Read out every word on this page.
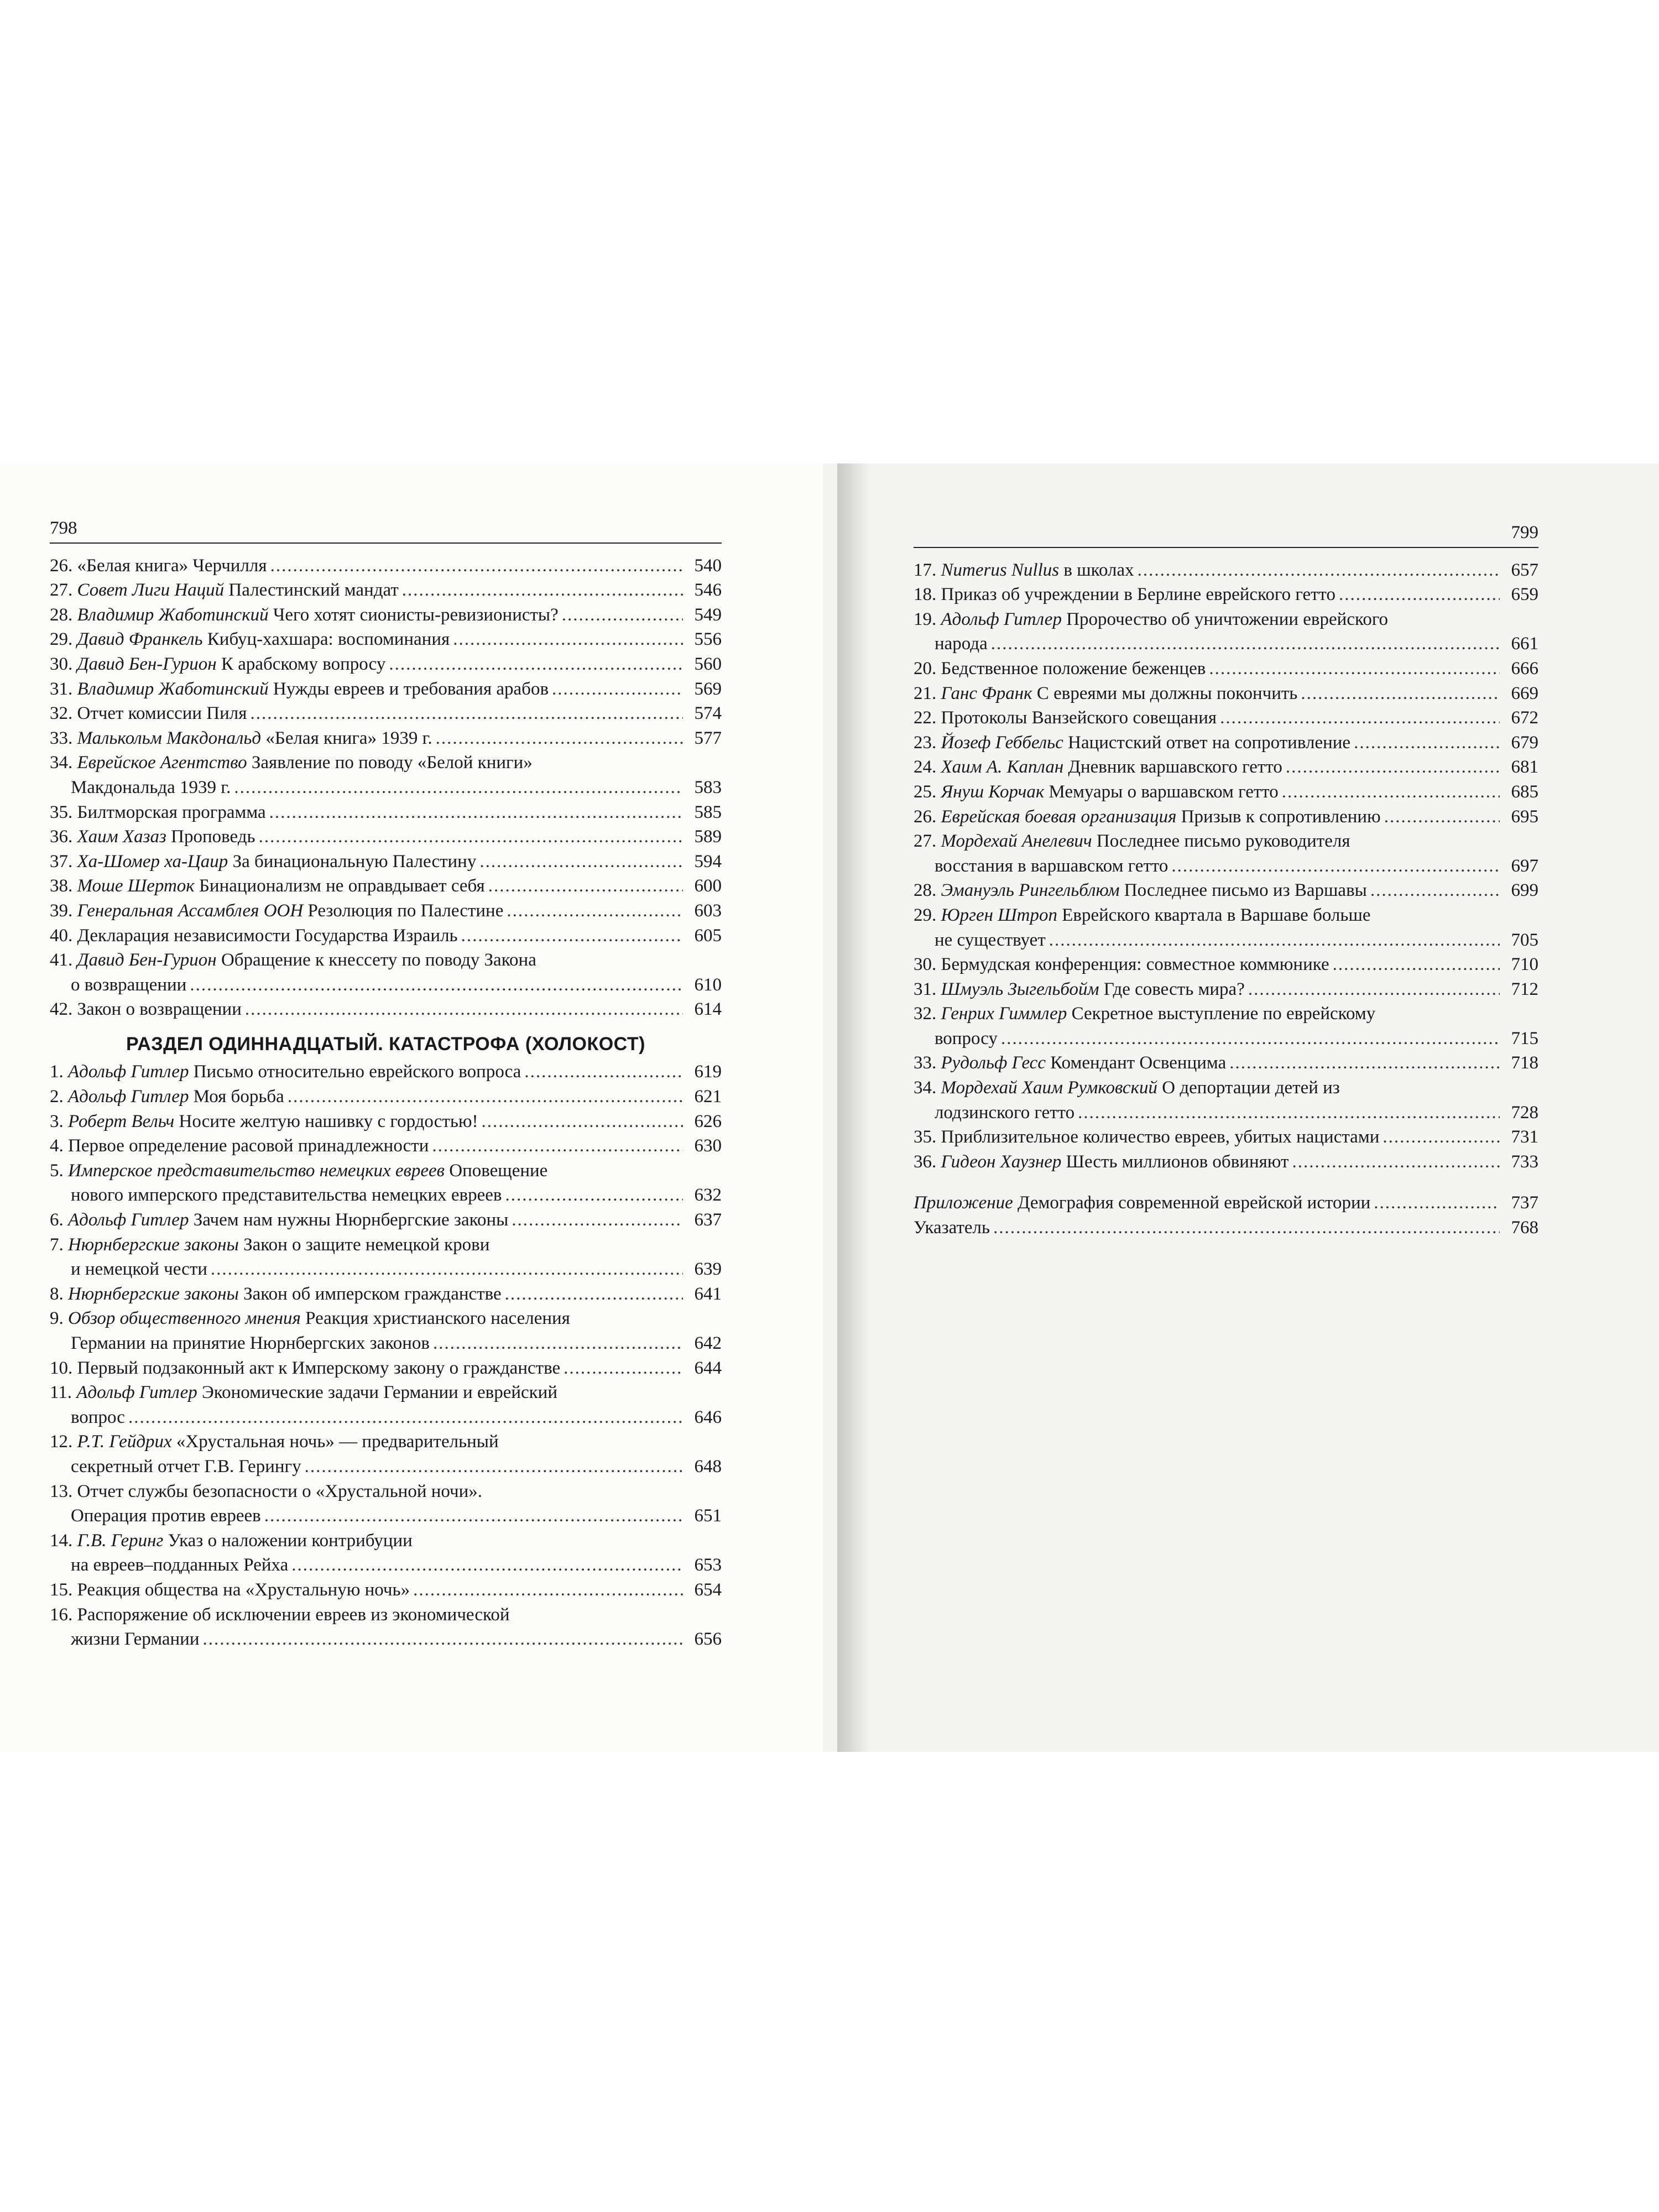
798
26. «Белая книга» Черчилля .....	540
27. Совет Лиги Наций Палестинский мандат .....	546
28. Владимир Жаботинский Чего хотят сионисты-ревизионисты? .....	549
29. Давид Франкель Кибуц-хахшара: воспоминания .....	556
30. Давид Бен-Гурион К арабскому вопросу .....	560
31. Владимир Жаботинский Нужды евреев и требования арабов .....	569
32. Отчет комиссии Пиля .....	574
33. Малькольм Макдональд «Белая книга» 1939 г. .....	577
34. Еврейское Агентство Заявление по поводу «Белой книги»
Макдональда 1939 г. .....	583
35. Билтморская программа .....	585
36. Хаим Хазаз Проповедь .....	589
37. Ха-Шомер ха-Цаир За бинациональную Палестину .....	594
38. Моше Шерток Бинационализм не оправдывает себя .....	600
39. Генеральная Ассамблея ООН Резолюция по Палестине .....	603
40. Декларация независимости Государства Израиль .....	605
41. Давид Бен-Гурион Обращение к кнессету по поводу Закона
о возвращении .....	610
42. Закон о возвращении .....	614
РАЗДЕЛ ОДИННАДЦАТЫЙ. КАТАСТРОФА (ХОЛОКОСТ)
1. Адольф Гитлер Письмо относительно еврейского вопроса .....	619
2. Адольф Гитлер Моя борьба .....	621
3. Роберт Вельч Носите желтую нашивку с гордостью! .....	626
4. Первое определение расовой принадлежности .....	630
5. Имперское представительство немецких евреев Оповещение
нового имперского представительства немецких евреев .....	632
6. Адольф Гитлер Зачем нам нужны Нюрнбергские законы .....	637
7. Нюрнбергские законы Закон о защите немецкой крови
и немецкой чести .....	639
8. Нюрнбергские законы Закон об имперском гражданстве .....	641
9. Обзор общественного мнения Реакция христианского населения
Германии на принятие Нюрнбергских законов .....	642
10. Первый подзаконный акт к Имперскому закону о гражданстве .....	644
11. Адольф Гитлер Экономические задачи Германии и еврейский
вопрос .....	646
12. Р.Т. Гейдрих «Хрустальная ночь» — предварительный
секретный отчет Г.В. Герингу .....	648
13. Отчет службы безопасности о «Хрустальной ночи».
Операция против евреев .....	651
14. Г.В. Геринг Указ о наложении контрибуции
на евреев–подданных Рейха .....	653
15. Реакция общества на «Хрустальную ночь» .....	654
16. Распоряжение об исключении евреев из экономической
жизни Германии .....	656
799
17. Numerus Nullus в школах .....	657
18. Приказ об учреждении в Берлине еврейского гетто .....	659
19. Адольф Гитлер Пророчество об уничтожении еврейского
народа .....	661
20. Бедственное положение беженцев .....	666
21. Ганс Франк С евреями мы должны покончить .....	669
22. Протоколы Ванзейского совещания .....	672
23. Йозеф Геббельс Нацистский ответ на сопротивление .....	679
24. Хаим А. Каплан Дневник варшавского гетто .....	681
25. Януш Корчак Мемуары о варшавском гетто .....	685
26. Еврейская боевая организация Призыв к сопротивлению .....	695
27. Мордехай Анелевич Последнее письмо руководителя
восстания в варшавском гетто .....	697
28. Эмануэль Рингельблюм Последнее письмо из Варшавы .....	699
29. Юрген Штроп Еврейского квартала в Варшаве больше
не существует .....	705
30. Бермудская конференция: совместное коммюнике .....	710
31. Шмуэль Зыгельбойм Где совесть мира? .....	712
32. Генрих Гиммлер Секретное выступление по еврейскому
вопросу .....	715
33. Рудольф Гесс Комендант Освенцима .....	718
34. Мордехай Хаим Румковский О депортации детей из
лодзинского гетто .....	728
35. Приблизительное количество евреев, убитых нацистами .....	731
36. Гидеон Хаузнер Шесть миллионов обвиняют .....	733
Приложение Демография современной еврейской истории .....	737
Указатель .....	768
